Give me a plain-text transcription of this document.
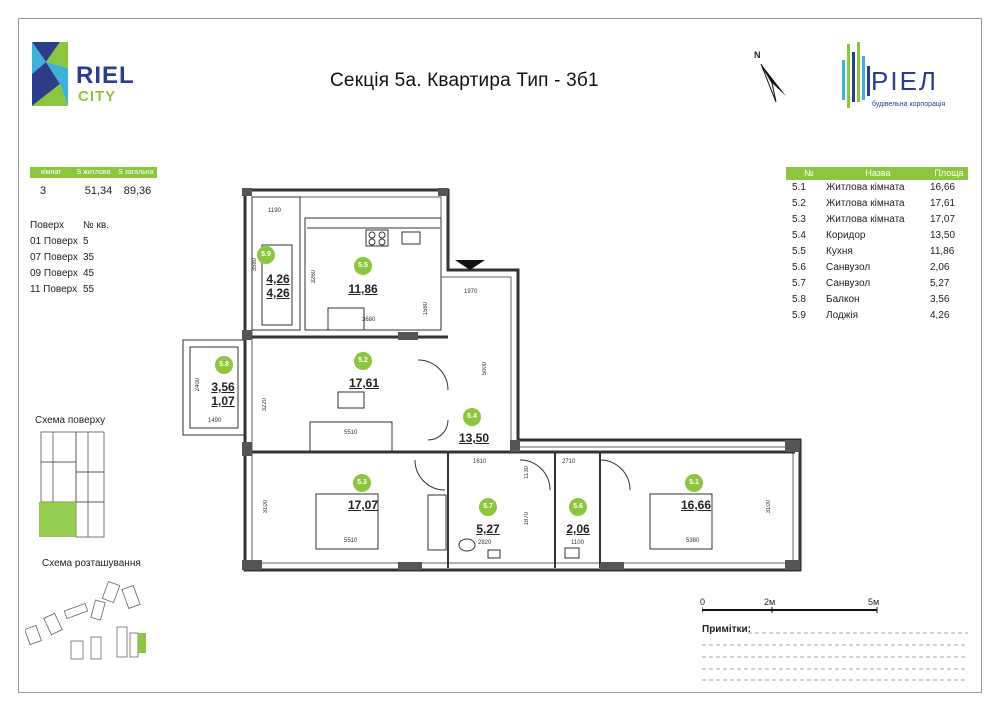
RIEL
CITY
Секція 5а. Квартира Тип - 3б1
N
РІЕЛ
будівельна корпорація
кімнат	S житлова	S загальна
3	51,34	89,36
Поверх	№ кв.
01 Поверх 5
07 Поверх 35
09 Поверх 45
11 Поверх 55
№	Назва	Площа
5.1	Житлова кімната	16,66
5.2	Житлова кімната	17,61
5.3	Житлова кімната	17,07
5.4	Коридор	13,50
5.5	Кухня	11,86
5.6	Санвузол	2,06
5.7	Санвузол	5,27
5.8	Балкон	3,56
5.9	Лоджія	4,26
5.9
4,26
4,26
5.5
11,86
5.8
3,56
1,07
5.2
17,61
5.4
13,50
5.3
17,07	5.7
5,27
5.6
2,06
5.1
16,66
1190
3580
3260
3680
1580
1970
5000
2400
1490
3220
5510
1610
1130
2710
3100
5510
1870
2820	1100	5380
3100
Схема поверху
Схема розташування
0	2м	5м
Примітки:
